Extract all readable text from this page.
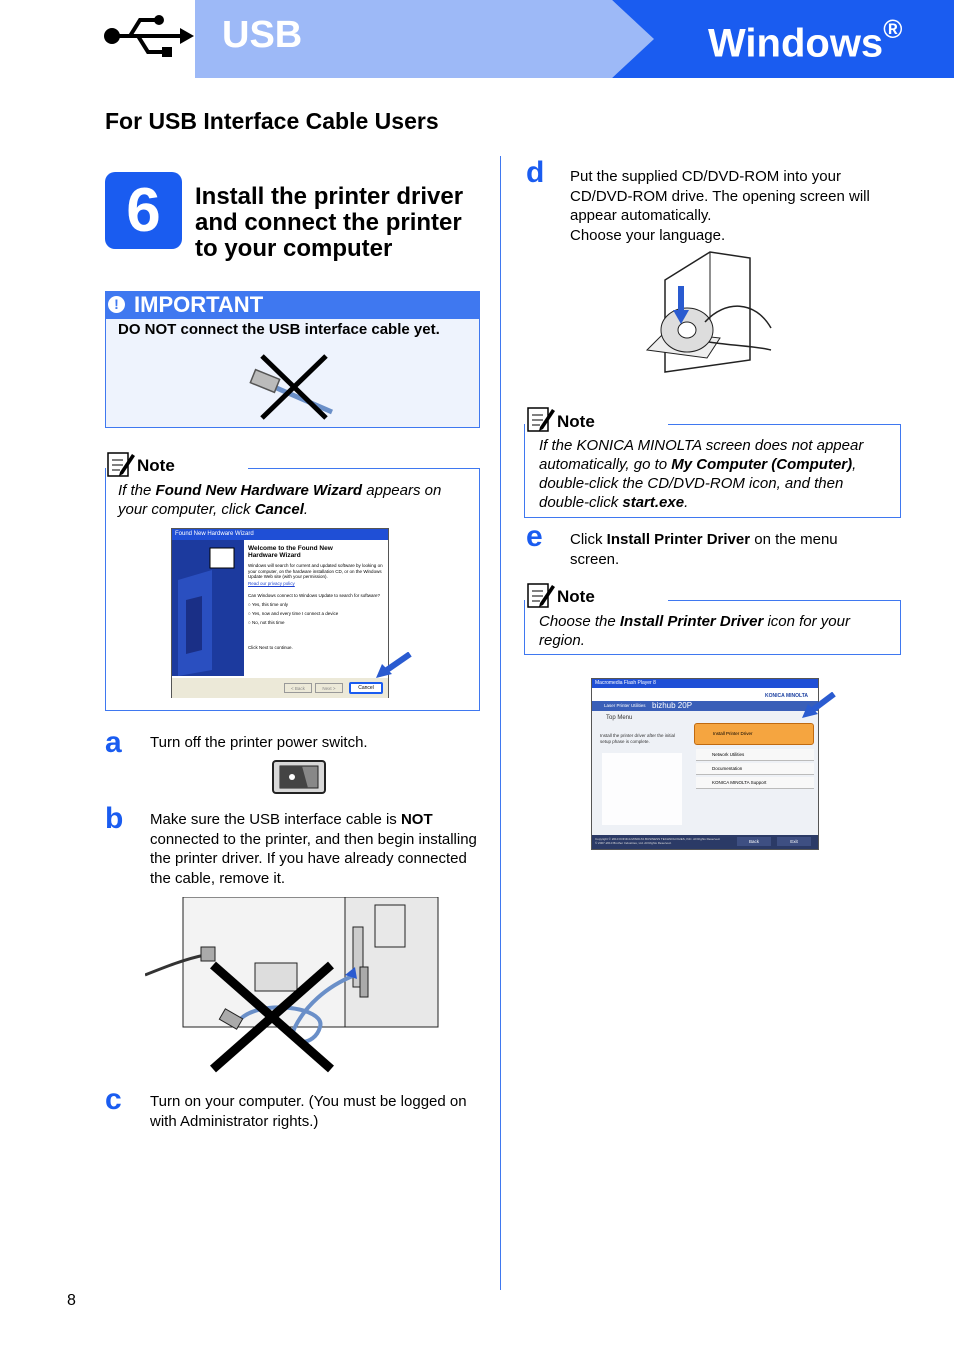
USB	Windows®
For USB Interface Cable Users
6	Install the printer driver
and connect the printer
to your computer
! IMPORTANT
DO NOT connect the USB interface cable yet.
Note
If the Found New Hardware Wizard appears on your computer, click Cancel.
Found New Hardware Wizard
Welcome to the Found New
Hardware Wizard
Windows will search for current and updated software by looking on your computer, on the hardware installation CD, or on the Windows Update Web site (with your permission).
Read our privacy policy
Can Windows connect to Windows Update to search for software?
○ Yes, this time only
○ Yes, now and every time I connect a device
○ No, not this time
Click Next to continue.
< Back	Next >	Cancel
a Turn off the printer power switch.
b Make sure the USB interface cable is NOT connected to the printer, and then begin installing the printer driver. If you have already connected the cable, remove it.
c Turn on your computer. (You must be logged on with Administrator rights.)
d Put the supplied CD/DVD-ROM into your
CD/DVD-ROM drive. The opening screen will
appear automatically.
Choose your language.
Note
If the KONICA MINOLTA screen does not appear automatically, go to My Computer (Computer), double-click the CD/DVD-ROM icon, and then double-click start.exe.
e Click Install Printer Driver on the menu screen.
Note
Choose the Install Printer Driver icon for your region.
Macromedia Flash Player 8
KONICA MINOLTA
Laser Printer Utilities bizhub 20P
Top Menu
Install the printer driver after the initial setup phase is complete.
Install Printer Driver
Network Utilities
Documentation
KONICA MINOLTA Support
Copyright © 2010 KONICA MINOLTA BUSINESS TECHNOLOGIES, INC. All Rights Reserved.
© 2007-2010 Brother Industries, Ltd. All Rights Reserved.	Back	Exit
8
